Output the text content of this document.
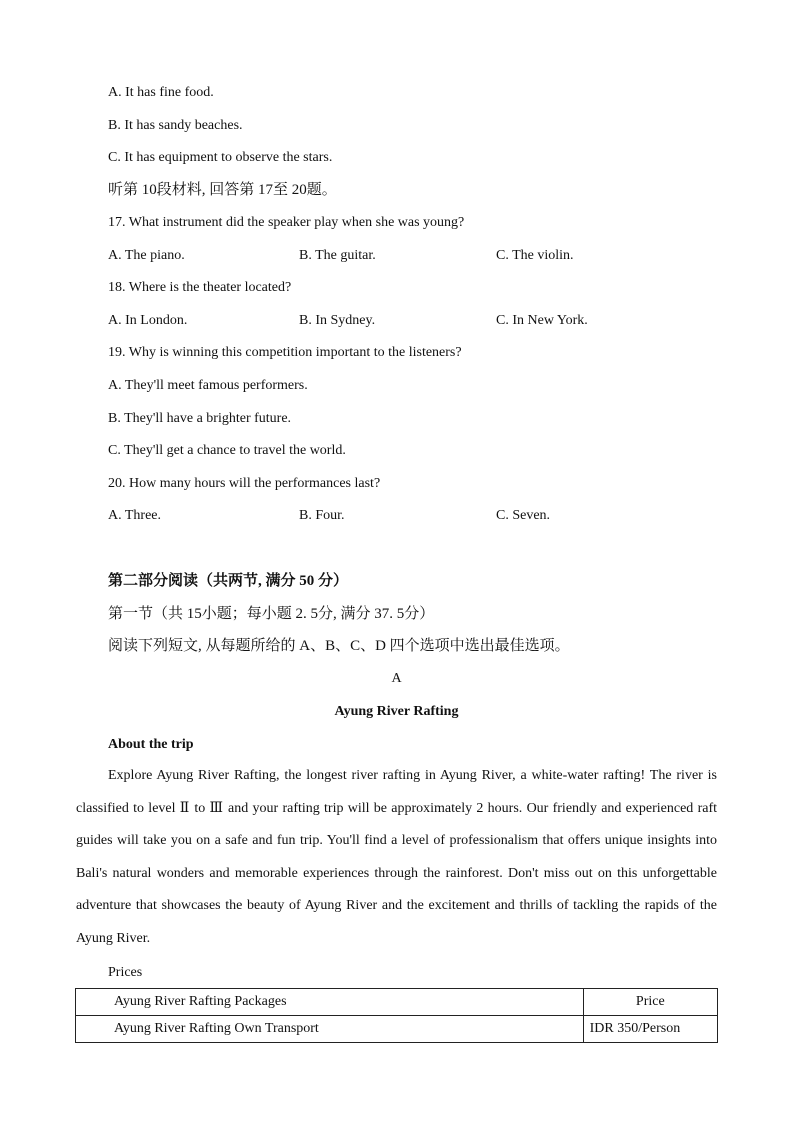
A. It has fine food.
B. It has sandy beaches.
C. It has equipment to observe the stars.
听第 10段材料, 回答第 17至 20题。
17. What instrument did the speaker play when she was young?
A. The piano.	B. The guitar.	C. The violin.
18. Where is the theater located?
A. In London.	B. In Sydney.	C. In New York.
19. Why is winning this competition important to the listeners?
A. They'll meet famous performers.
B. They'll have a brighter future.
C. They'll get a chance to travel the world.
20. How many hours will the performances last?
A. Three.	B. Four.	C. Seven.
第二部分阅读（共两节, 满分 50 分）
第一节（共 15小题；每小题 2. 5分, 满分 37. 5分）
阅读下列短文, 从每题所给的 A、B、C、D 四个选项中选出最佳选项。
A
Ayung River Rafting
About the trip
Explore Ayung River Rafting, the longest river rafting in Ayung River, a white-water rafting! The river is classified to level Ⅱ to Ⅲ and your rafting trip will be approximately 2 hours. Our friendly and experienced raft guides will take you on a safe and fun trip. You'll find a level of professionalism that offers unique insights into Bali's natural wonders and memorable experiences through the rainforest. Don't miss out on this unforgettable adventure that showcases the beauty of Ayung River and the excitement and thrills of tackling the rapids of the Ayung River.
Prices
Ayung River Rafting Packages	Price
Ayung River Rafting Own Transport	IDR 350/Person
